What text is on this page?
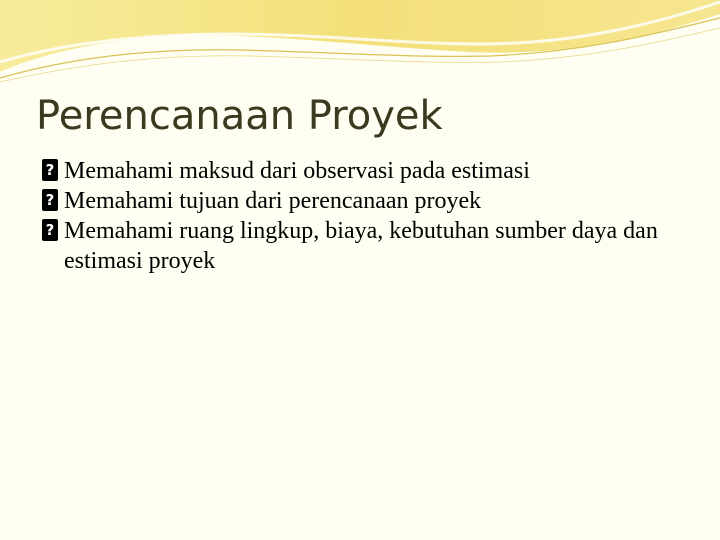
Perencanaan Proyek
?
Memahami maksud dari observasi pada estimasi
?
Memahami tujuan dari perencanaan proyek
?
Memahami ruang lingkup, biaya, kebutuhan sumber daya dan estimasi proyek
